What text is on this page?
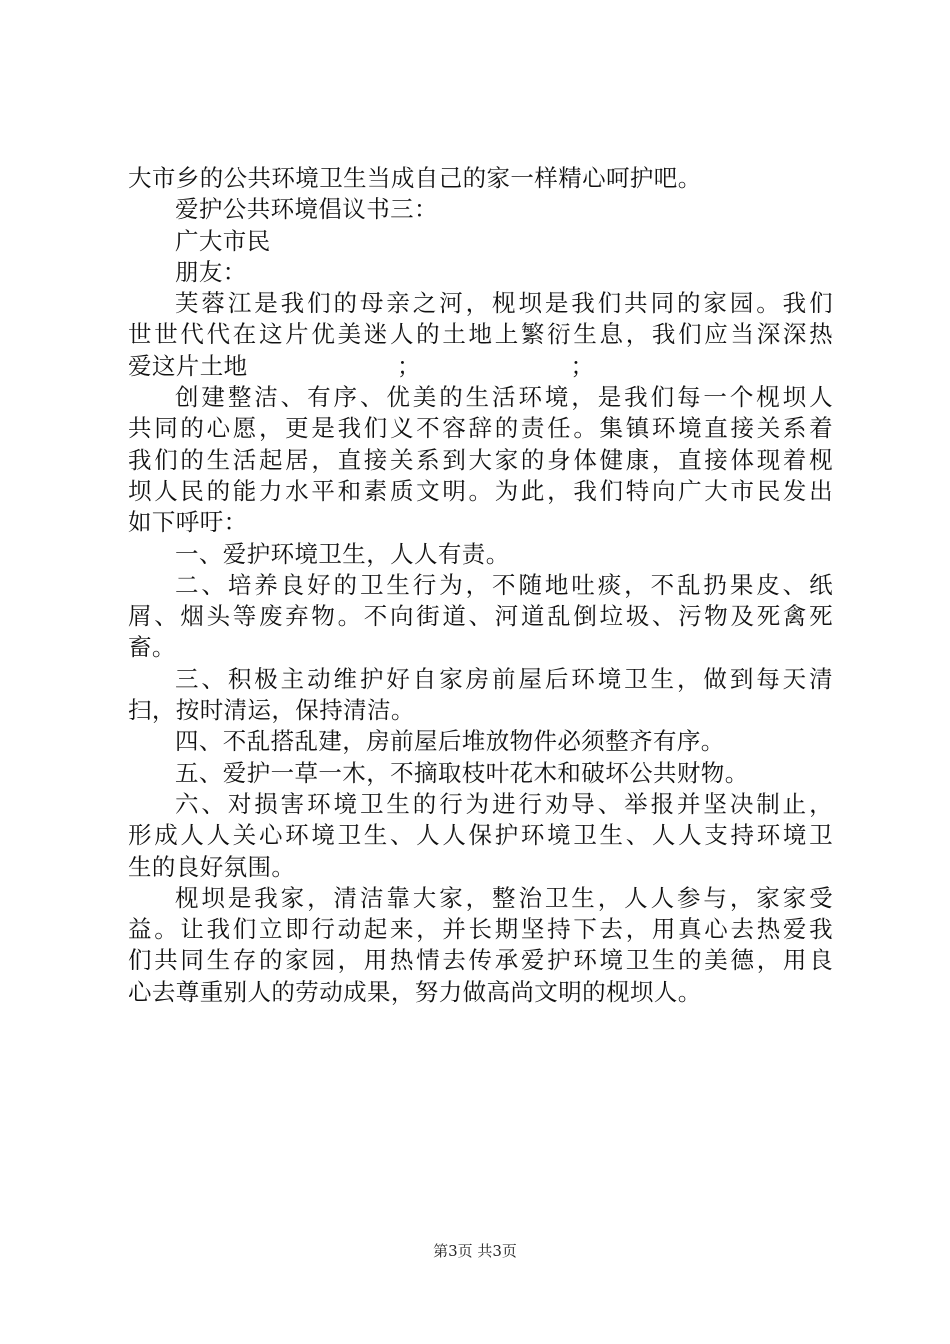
大市乡的公共环境卫生当成自己的家一样精心呵护吧。
爱护公共环境倡议书三：
广大市民
朋友：
芙蓉江是我们的母亲之河，枧坝是我们共同的家园。我们
世世代代在这片优美迷人的土地上繁衍生息，我们应当深深热
爱这片土地                   ；                   ；
创建整洁、有序、优美的生活环境，是我们每一个枧坝人
共同的心愿，更是我们义不容辞的责任。集镇环境直接关系着
我们的生活起居，直接关系到大家的身体健康，直接体现着枧
坝人民的能力水平和素质文明。为此，我们特向广大市民发出
如下呼吁：
一、爱护环境卫生，人人有责。
二、培养良好的卫生行为，不随地吐痰，不乱扔果皮、纸
屑、烟头等废弃物。不向街道、河道乱倒垃圾、污物及死禽死
畜。
三、积极主动维护好自家房前屋后环境卫生，做到每天清
扫，按时清运，保持清洁。
四、不乱搭乱建，房前屋后堆放物件必须整齐有序。
五、爱护一草一木，不摘取枝叶花木和破坏公共财物。
六、对损害环境卫生的行为进行劝导、举报并坚决制止，
形成人人关心环境卫生、人人保护环境卫生、人人支持环境卫
生的良好氛围。
枧坝是我家，清洁靠大家，整治卫生，人人参与，家家受
益。让我们立即行动起来，并长期坚持下去，用真心去热爱我
们共同生存的家园，用热情去传承爱护环境卫生的美德，用良
心去尊重别人的劳动成果，努力做高尚文明的枧坝人。
第3页 共3页
